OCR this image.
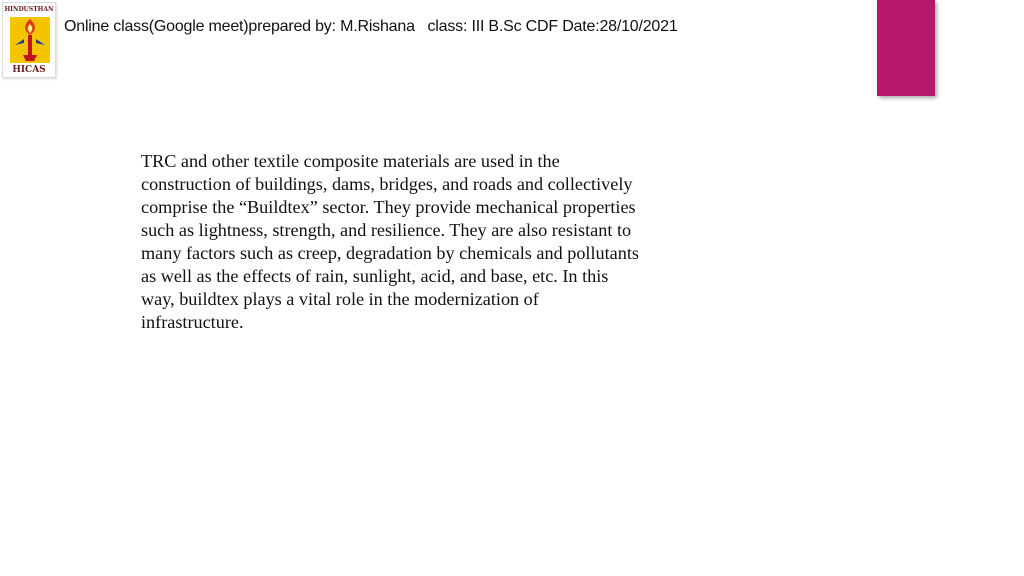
HINDUSTHAN
HICAS
Online class(Google meet)prepared by: M.Rishana   class: III B.Sc CDF Date:28/10/2021

TRC and other textile composite materials are used in the construction of buildings, dams, bridges, and roads and collectively comprise the “Buildtex” sector. They provide mechanical properties such as lightness, strength, and resilience. They are also resistant to many factors such as creep, degradation by chemicals and pollutants as well as the effects of rain, sunlight, acid, and base, etc. In this way, buildtex plays a vital role in the modernization of infrastructure.
